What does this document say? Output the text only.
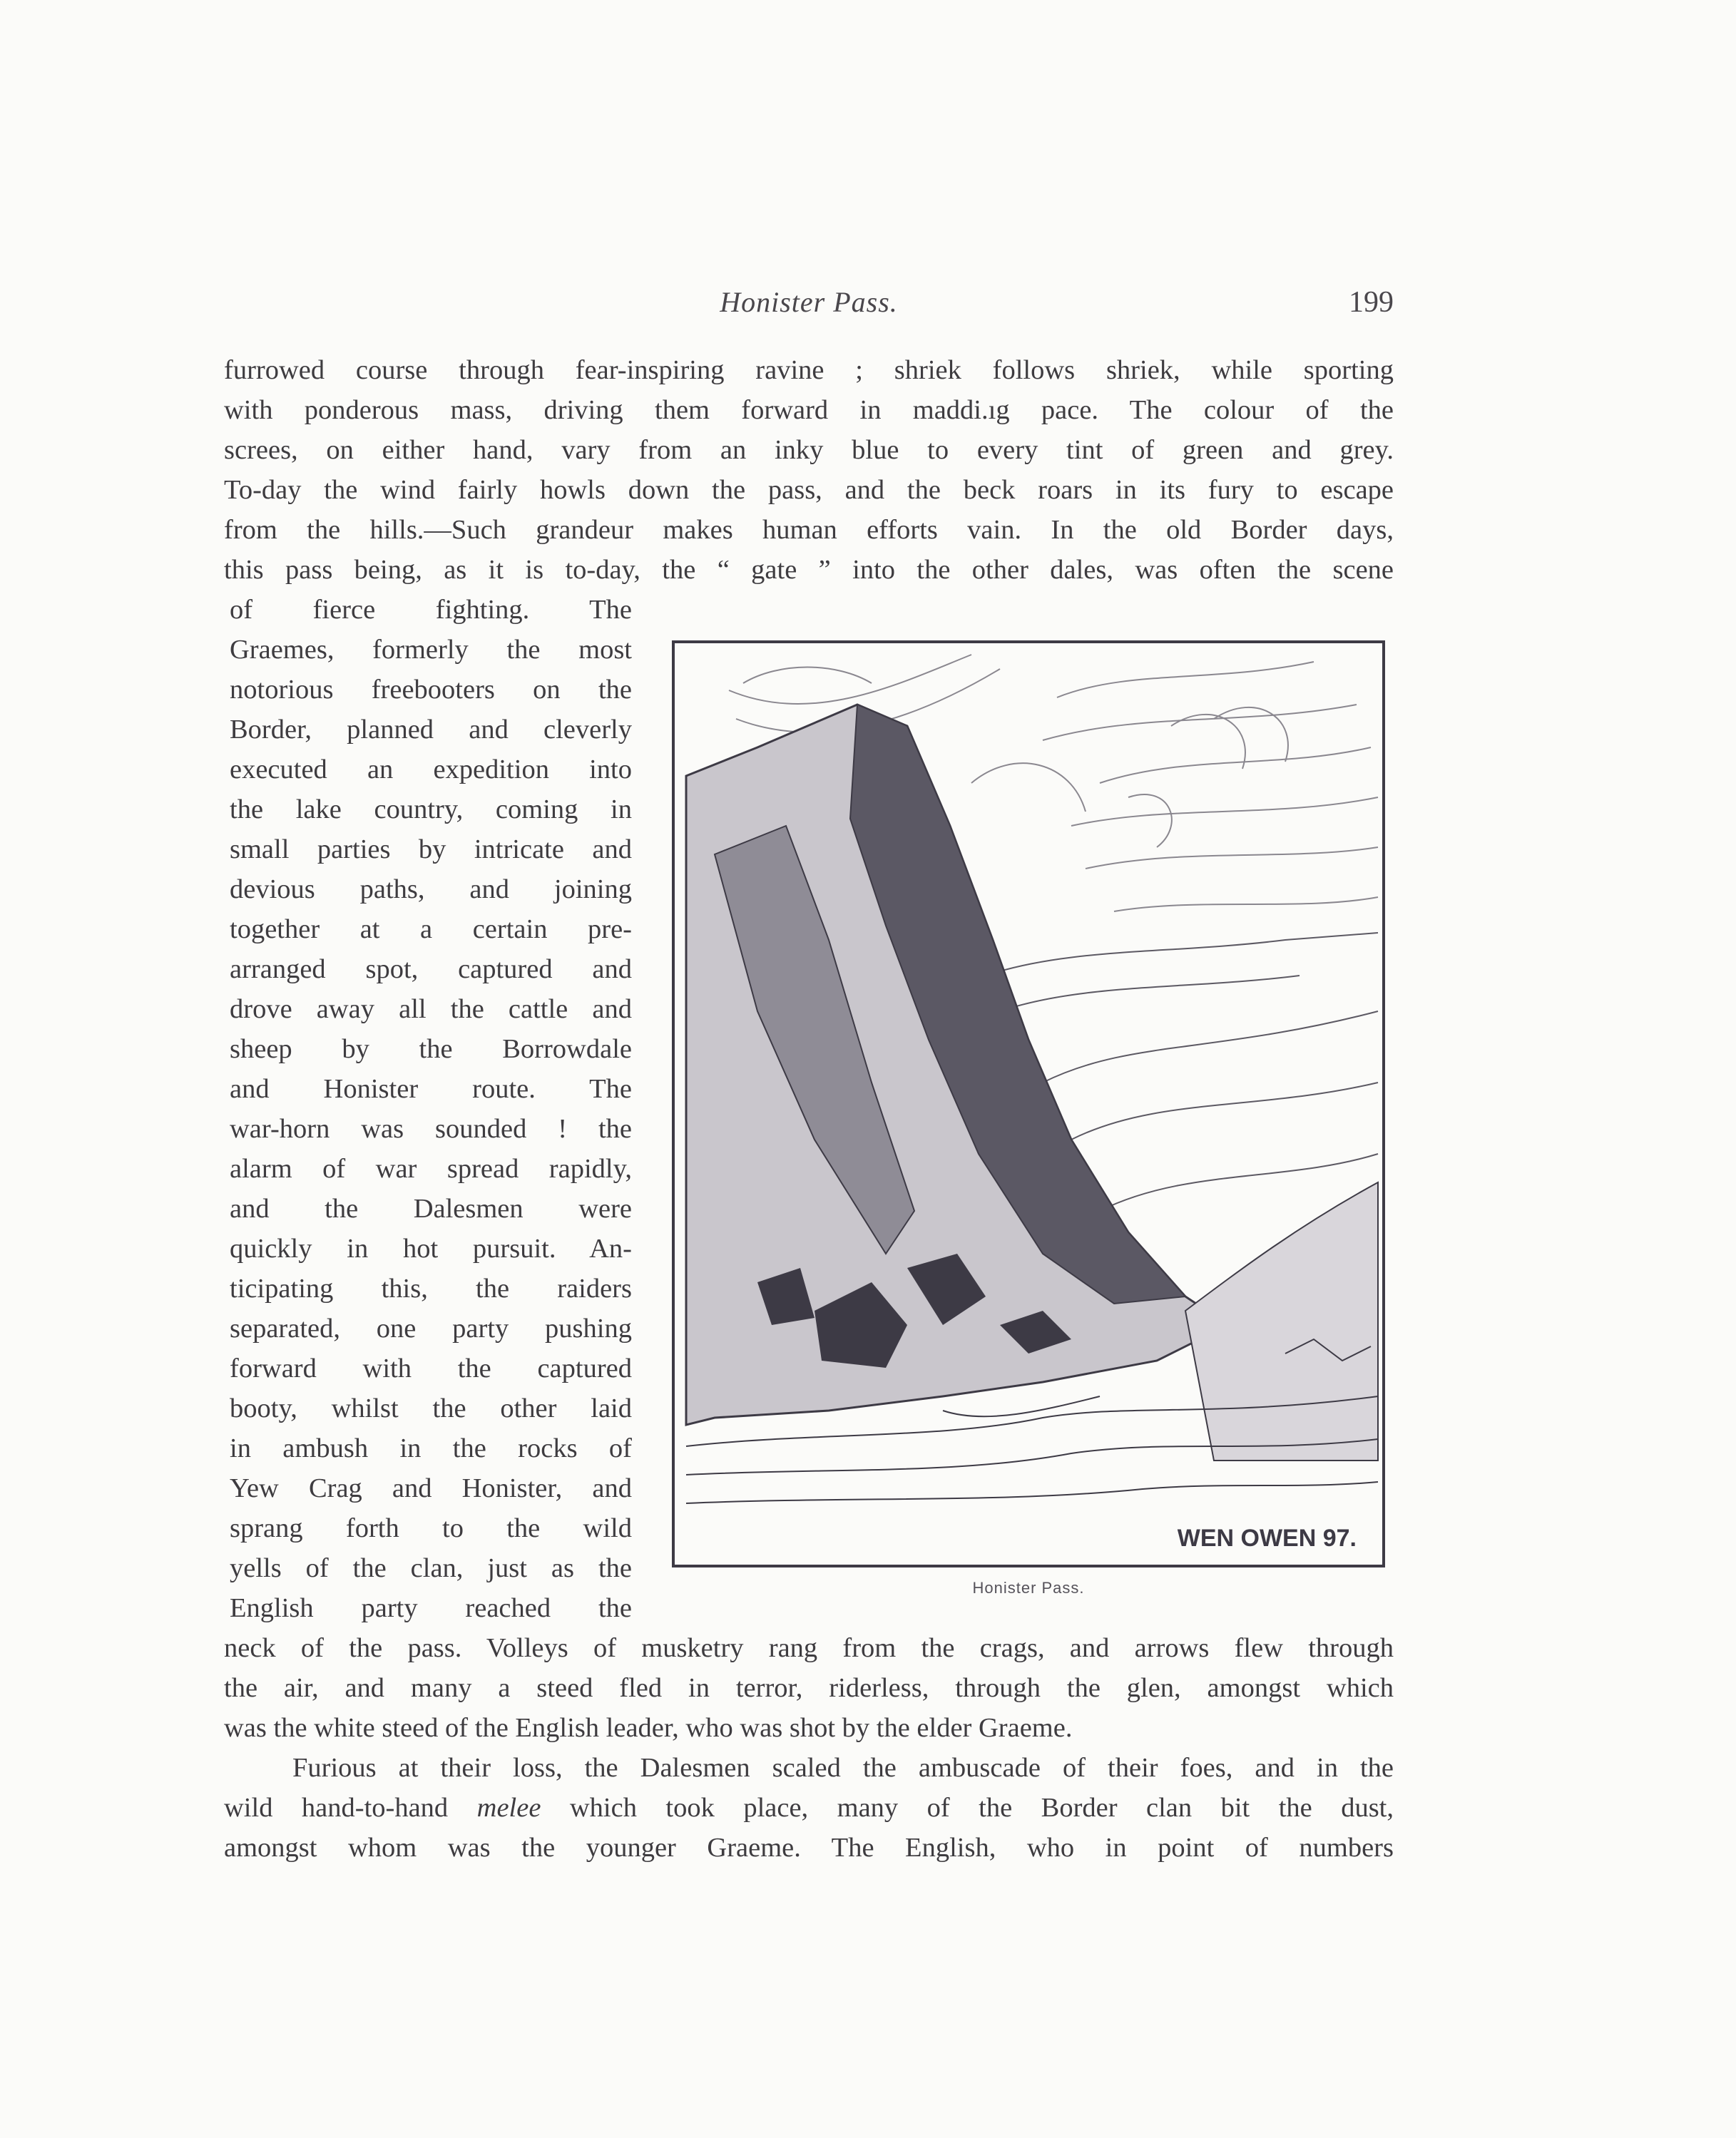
Honister Pass.	199
furrowed course through fear-inspiring ravine ; shriek follows shriek, while sporting
with ponderous mass, driving them forward in maddi.ıg pace. The colour of the
screes, on either hand, vary from an inky blue to every tint of green and grey.
To-day the wind fairly howls down the pass, and the beck roars in its fury to escape
from the hills.—Such grandeur makes human efforts vain. In the old Border days,
this pass being, as it is to-day, the “ gate ” into the other dales, was often the scene
of fierce fighting. The
Graemes, formerly the most
notorious freebooters on the
Border, planned and cleverly
executed an expedition into
the lake country, coming in
small parties by intricate and
devious paths, and joining
together at a certain pre-
arranged spot, captured and
drove away all the cattle and
sheep by the Borrowdale
and Honister route. The
war-horn was sounded ! the
alarm of war spread rapidly,
and the Dalesmen were
quickly in hot pursuit. An-
ticipating this, the raiders
separated, one party pushing
forward with the captured
booty, whilst the other laid
in ambush in the rocks of
Yew Crag and Honister, and
sprang forth to the wild
yells of the clan, just as the
English party reached the
WEN OWEN 97.
Honister Pass.
neck of the pass. Volleys of musketry rang from the crags, and arrows flew through
the air, and many a steed fled in terror, riderless, through the glen, amongst which
was the white steed of the English leader, who was shot by the elder Graeme.
Furious at their loss, the Dalesmen scaled the ambuscade of their foes, and in the
wild hand-to-hand melee which took place, many of the Border clan bit the dust,
amongst whom was the younger Graeme. The English, who in point of numbers
